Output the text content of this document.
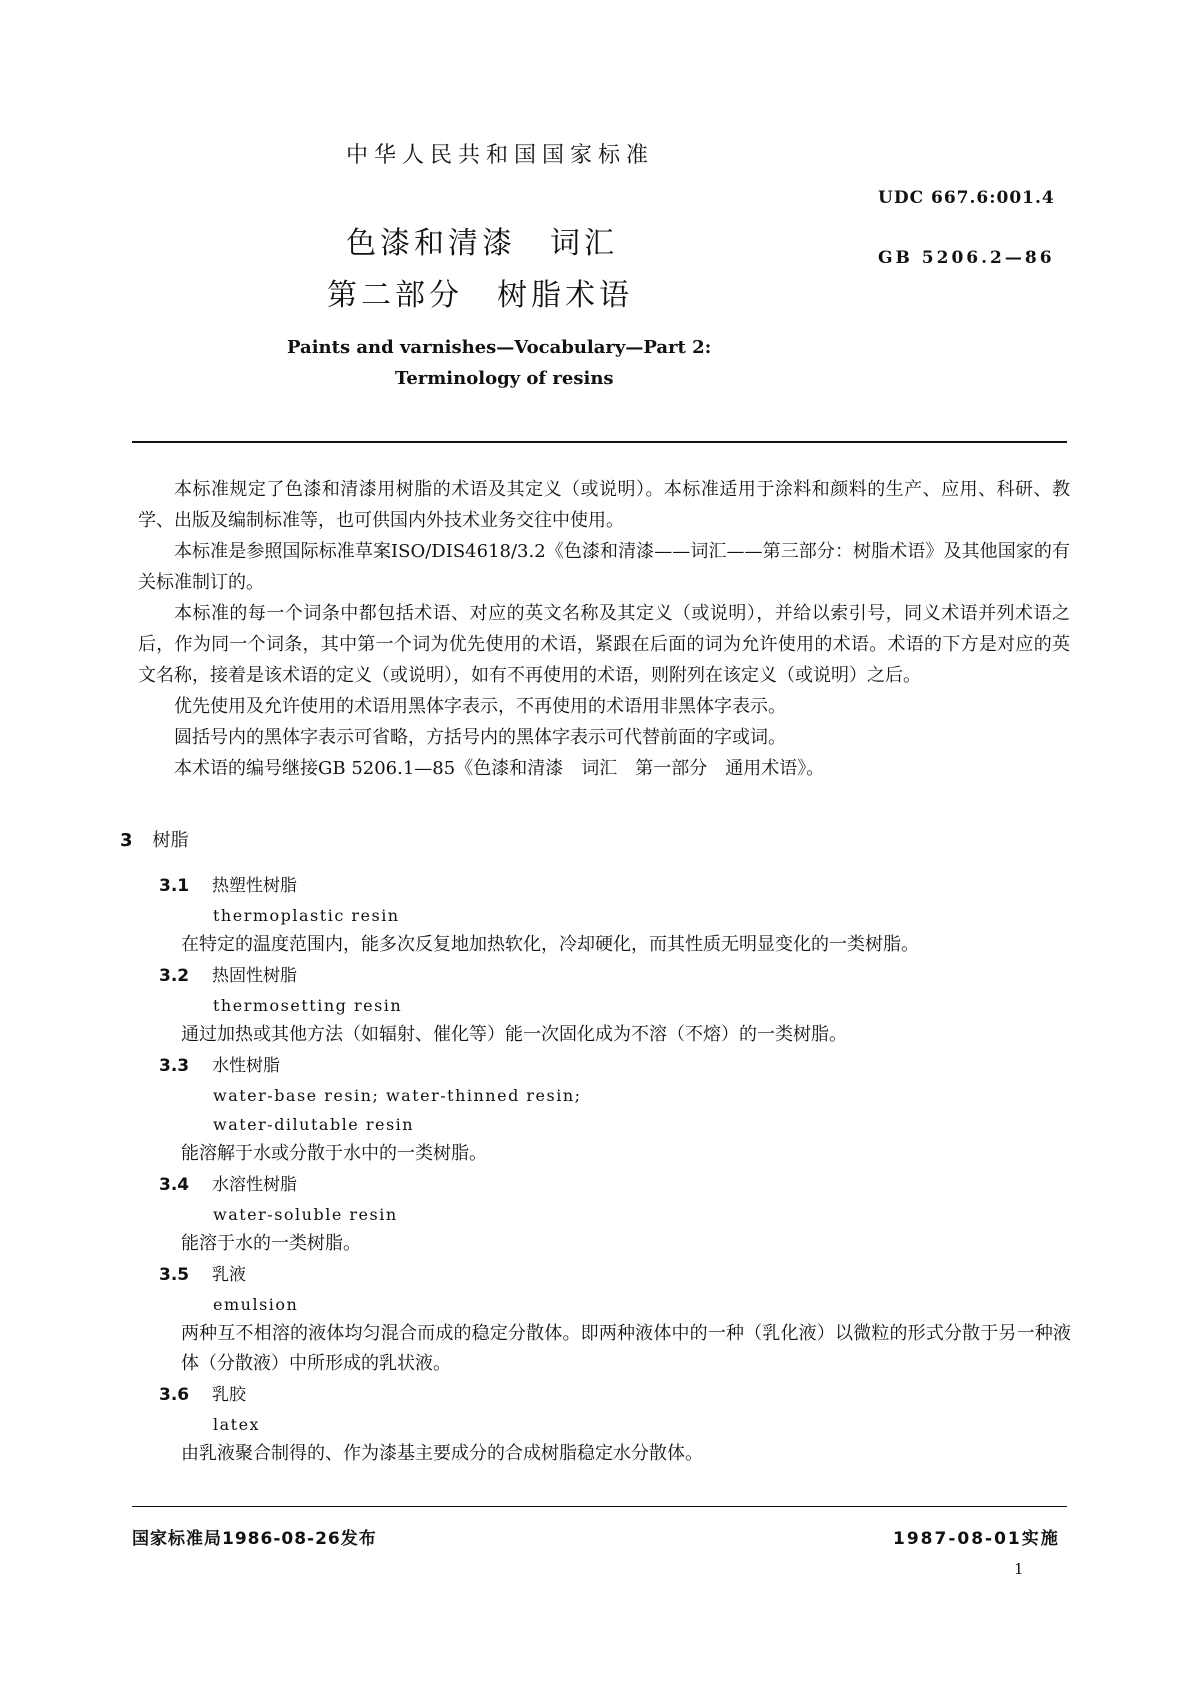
中华人民共和国国家标准
UDC 667.6:001.4
GB 5206.2—86
色漆和清漆　词汇
第二部分　树脂术语
Paints and varnishes—Vocabulary—Part 2:
Terminology of resins

本标准规定了色漆和清漆用树脂的术语及其定义（或说明）。本标准适用于涂料和颜料的生产、应用、科研、教学、出版及编制标准等，也可供国内外技术业务交往中使用。

本标准是参照国际标准草案ISO/DIS4618/3.2《色漆和清漆——词汇——第三部分：树脂术语》及其他国家的有关标准制订的。

本标准的每一个词条中都包括术语、对应的英文名称及其定义（或说明），并给以索引号，同义术语并列术语之后，作为同一个词条，其中第一个词为优先使用的术语，紧跟在后面的词为允许使用的术语。术语的下方是对应的英文名称，接着是该术语的定义（或说明），如有不再使用的术语，则附列在该定义（或说明）之后。

优先使用及允许使用的术语用黑体字表示，不再使用的术语用非黑体字表示。

圆括号内的黑体字表示可省略，方括号内的黑体字表示可代替前面的字或词。

本术语的编号继接GB 5206.1—85《色漆和清漆　词汇　第一部分　通用术语》。

3 树脂
3.1 热塑性树脂
thermoplastic resin

在特定的温度范围内，能多次反复地加热软化，冷却硬化，而其性质无明显变化的一类树脂。

3.2 热固性树脂
thermosetting resin

通过加热或其他方法（如辐射、催化等）能一次固化成为不溶（不熔）的一类树脂。

3.3 水性树脂
water-base resin; water-thinned resin;
water-dilutable resin

能溶解于水或分散于水中的一类树脂。

3.4 水溶性树脂
water-soluble resin

能溶于水的一类树脂。

3.5 乳液
emulsion

两种互不相溶的液体均匀混合而成的稳定分散体。即两种液体中的一种（乳化液）以微粒的形式分散于另一种液体（分散液）中所形成的乳状液。

3.6 乳胶
latex

由乳液聚合制得的、作为漆基主要成分的合成树脂稳定水分散体。

国家标准局1986-08-26发布	1987-08-01实施
1
